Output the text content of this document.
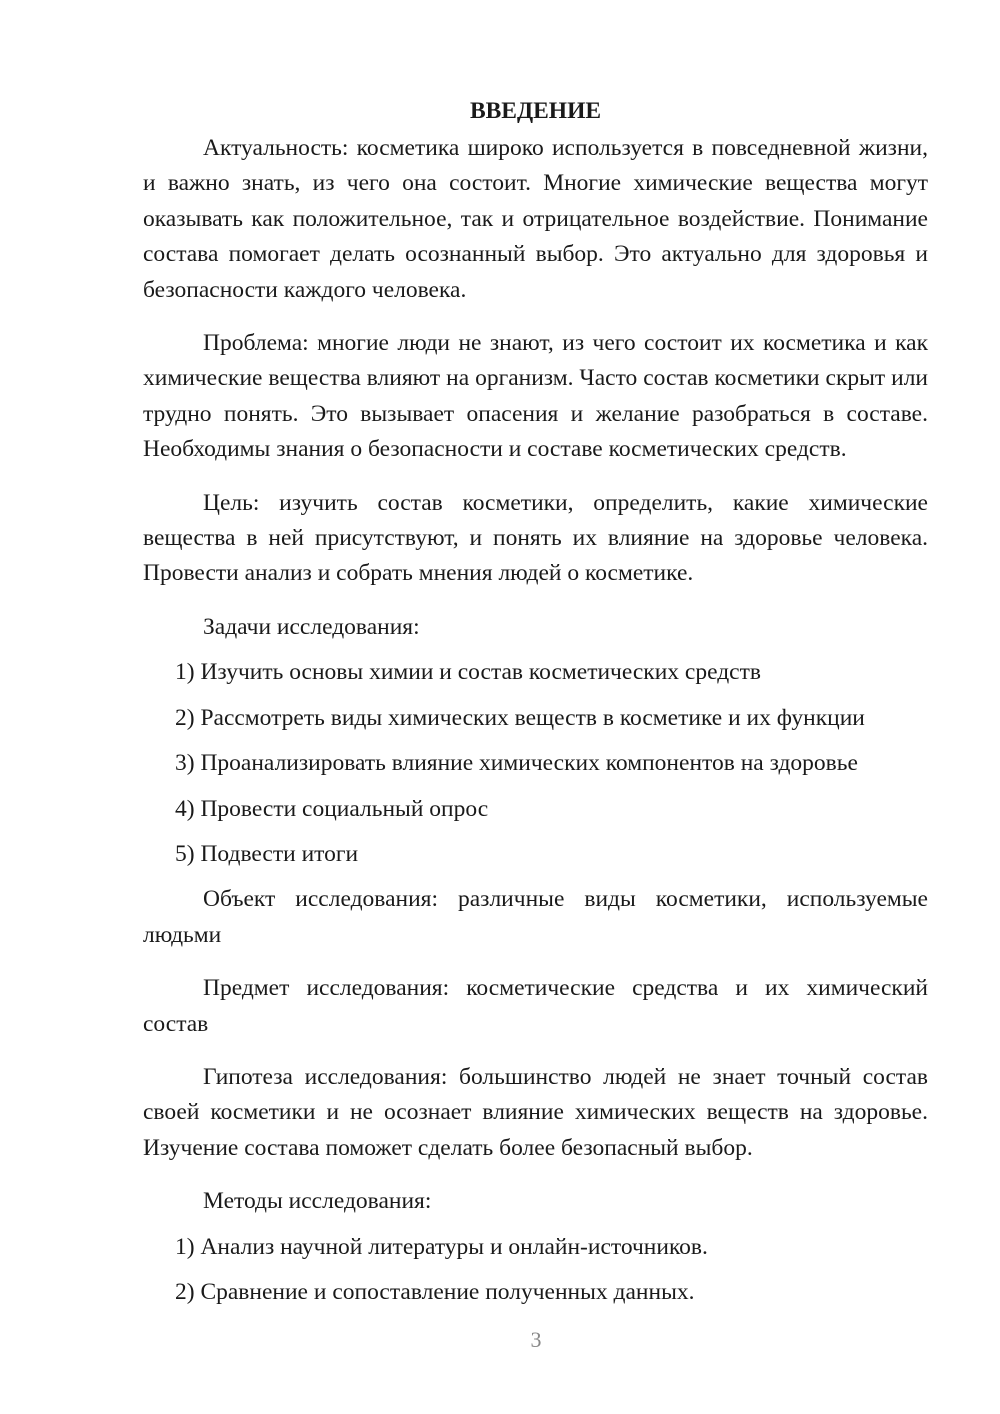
ВВЕДЕНИЕ

Актуальность: косметика широко используется в повседневной жизни, и важно знать, из чего она состоит. Многие химические вещества могут оказывать как положительное, так и отрицательное воздействие. Понимание состава помогает делать осознанный выбор. Это актуально для здоровья и безопасности каждого человека.

Проблема: многие люди не знают, из чего состоит их косметика и как химические вещества влияют на организм. Часто состав косметики скрыт или трудно понять. Это вызывает опасения и желание разобраться в составе. Необходимы знания о безопасности и составе косметических средств.

Цель: изучить состав косметики, определить, какие химические вещества в ней присутствуют, и понять их влияние на здоровье человека. Провести анализ и собрать мнения людей о косметике.

Задачи исследования:

1) Изучить основы химии и состав косметических средств

2) Рассмотреть виды химических веществ в косметике и их функции

3) Проанализировать влияние химических компонентов на здоровье

4) Провести социальный опрос

5) Подвести итоги

Объект исследования: различные виды косметики, используемые людьми

Предмет исследования: косметические средства и их химический состав

Гипотеза исследования: большинство людей не знает точный состав своей косметики и не осознает влияние химических веществ на здоровье. Изучение состава поможет сделать более безопасный выбор.

Методы исследования:

1) Анализ научной литературы и онлайн-источников.

2) Сравнение и сопоставление полученных данных.

3
